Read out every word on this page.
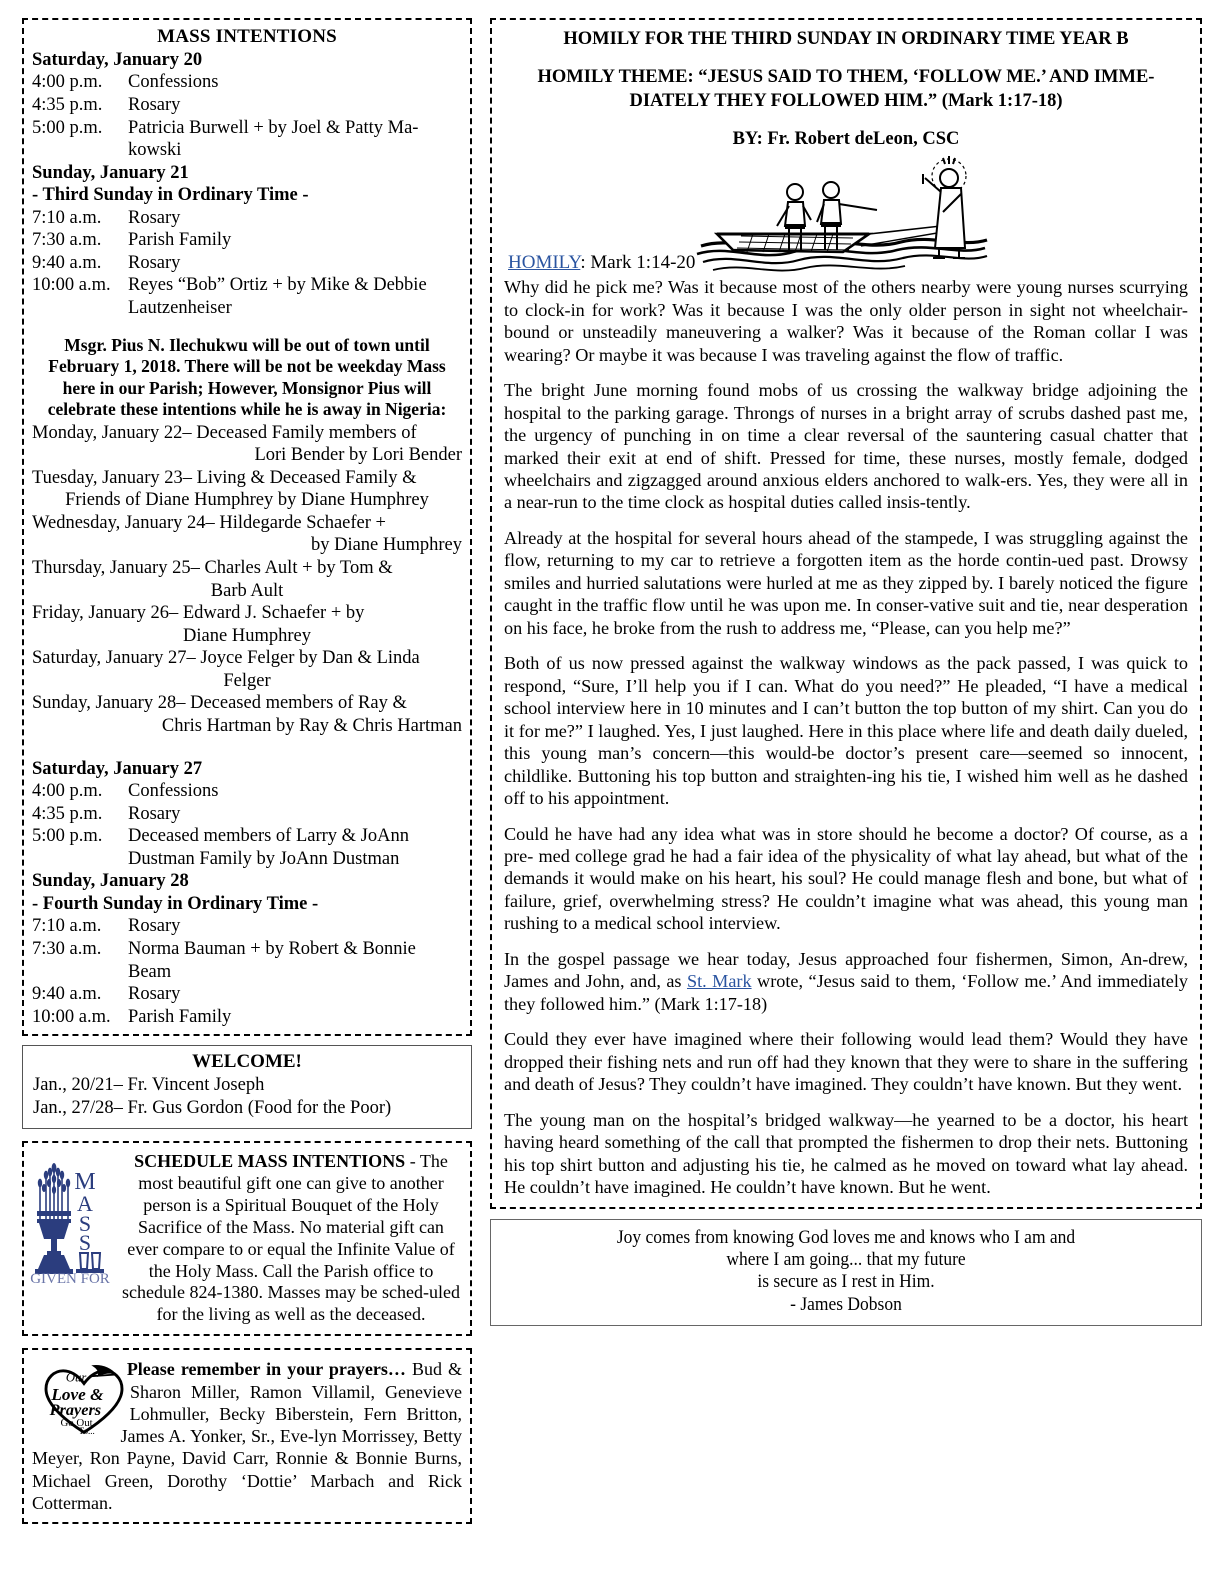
MASS INTENTIONS
Saturday, January 20
4:00 p.m.	Confessions
4:35 p.m.	Rosary
5:00 p.m.	Patricia Burwell + by Joel & Patty Ma-
kowski
Sunday, January 21
- Third Sunday in Ordinary Time -
7:10 a.m.	Rosary
7:30 a.m.	Parish Family
9:40 a.m.	Rosary
10:00 a.m. Reyes “Bob” Ortiz + by Mike & Debbie
Lautzenheiser
Msgr. Pius N. Ilechukwu will be out of town until February 1, 2018. There will be not be weekday Mass here in our Parish; However, Monsignor Pius will celebrate these intentions while he is away in Nigeria:
Monday, January 22– Deceased Family members of
Lori Bender by Lori Bender
Tuesday, January 23– Living & Deceased Family &
Friends of Diane Humphrey by Diane Humphrey
Wednesday, January 24– Hildegarde Schaefer +
by Diane Humphrey
Thursday, January 25– Charles Ault + by Tom &
Barb Ault
Friday, January 26– Edward J. Schaefer + by
Diane Humphrey
Saturday, January 27– Joyce Felger by Dan & Linda
Felger
Sunday, January 28– Deceased members of Ray &
Chris Hartman by Ray & Chris Hartman
Saturday, January 27
4:00 p.m.	Confessions
4:35 p.m.	Rosary
5:00 p.m.	Deceased members of Larry & JoAnn
Dustman Family by JoAnn Dustman
Sunday, January 28
- Fourth Sunday in Ordinary Time -
7:10 a.m.	Rosary
7:30 a.m.	Norma Bauman + by Robert & Bonnie
Beam
9:40 a.m.	Rosary
10:00 a.m. Parish Family
WELCOME!
Jan., 20/21– Fr. Vincent Joseph
Jan., 27/28– Fr. Gus Gordon (Food for the Poor)
M
A
S
S
GIVEN FOR
SCHEDULE MASS INTENTIONS - The most beautiful gift one can give to another person is a Spiritual Bouquet of the Holy Sacrifice of the Mass. No material gift can ever compare to or equal the Infinite Value of the Holy Mass. Call the Parish office to schedule 824-1380. Masses may be sched-uled for the living as well as the deceased.
Our
Love &
Prayers
Go Out
To...
Please remember in your prayers… Bud & Sharon Miller, Ramon Villamil, Genevieve Lohmuller, Becky Biberstein, Fern Britton, James A. Yonker, Sr., Eve-lyn Morrissey, Betty Meyer, Ron Payne, David Carr, Ronnie & Bonnie Burns, Michael Green, Dorothy ‘Dottie’ Marbach and Rick Cotterman.
HOMILY FOR THE THIRD SUNDAY IN ORDINARY TIME YEAR B
HOMILY THEME: “JESUS SAID TO THEM, ‘FOLLOW ME.’ AND IMME-DIATELY THEY FOLLOWED HIM.” (Mark 1:17-18)
BY: Fr. Robert deLeon, CSC
HOMILY: Mark 1:14-20

Why did he pick me? Was it because most of the others nearby were young nurses scurrying to clock-in for work? Was it because I was the only older person in sight not wheelchair-bound or unsteadily maneuvering a walker? Was it because of the Roman collar I was wearing? Or maybe it was because I was traveling against the flow of traffic.

The bright June morning found mobs of us crossing the walkway bridge adjoining the hospital to the parking garage. Throngs of nurses in a bright array of scrubs dashed past me, the urgency of punching in on time a clear reversal of the sauntering casual chatter that marked their exit at end of shift. Pressed for time, these nurses, mostly female, dodged wheelchairs and zigzagged around anxious elders anchored to walk-ers. Yes, they were all in a near-run to the time clock as hospital duties called insis-tently.

Already at the hospital for several hours ahead of the stampede, I was struggling against the flow, returning to my car to retrieve a forgotten item as the horde contin-ued past. Drowsy smiles and hurried salutations were hurled at me as they zipped by. I barely noticed the figure caught in the traffic flow until he was upon me. In conser-vative suit and tie, near desperation on his face, he broke from the rush to address me, “Please, can you help me?”

Both of us now pressed against the walkway windows as the pack passed, I was quick to respond, “Sure, I’ll help you if I can. What do you need?” He pleaded, “I have a medical school interview here in 10 minutes and I can’t button the top button of my shirt. Can you do it for me?” I laughed. Yes, I just laughed. Here in this place where life and death daily dueled, this young man’s concern—this would-be doctor’s present care—seemed so innocent, childlike. Buttoning his top button and straighten-ing his tie, I wished him well as he dashed off to his appointment.

Could he have had any idea what was in store should he become a doctor? Of course, as a pre- med college grad he had a fair idea of the physicality of what lay ahead, but what of the demands it would make on his heart, his soul? He could manage flesh and bone, but what of failure, grief, overwhelming stress? He couldn’t imagine what was ahead, this young man rushing to a medical school interview.

In the gospel passage we hear today, Jesus approached four fishermen, Simon, An-drew, James and John, and, as St. Mark wrote, “Jesus said to them, ‘Follow me.’ And immediately they followed him.” (Mark 1:17-18)

Could they ever have imagined where their following would lead them? Would they have dropped their fishing nets and run off had they known that they were to share in the suffering and death of Jesus? They couldn’t have imagined. They couldn’t have known. But they went.

The young man on the hospital’s bridged walkway—he yearned to be a doctor, his heart having heard something of the call that prompted the fishermen to drop their nets. Buttoning his top shirt button and adjusting his tie, he calmed as he moved on toward what lay ahead. He couldn’t have imagined. He couldn’t have known. But he went.

Joy comes from knowing God loves me and knows who I am and
where I am going... that my future
is secure as I rest in Him.
- James Dobson
